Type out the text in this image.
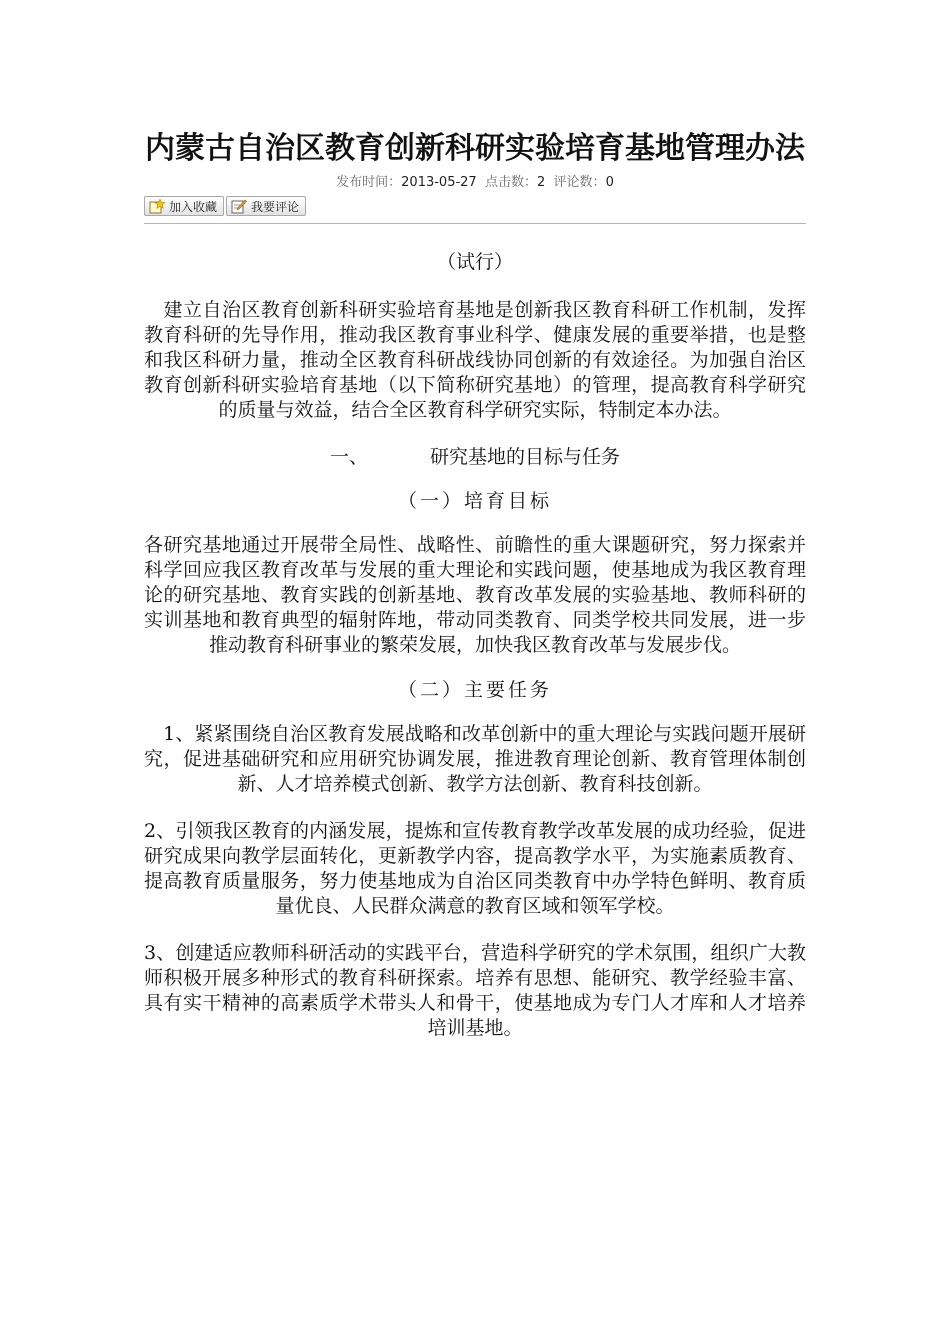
内蒙古自治区教育创新科研实验培育基地管理办法
发布时间：2013-05-27 点击数：2 评论数：0
加入收藏	我要评论
（试行）

　建立自治区教育创新科研实验培育基地是创新我区教育科研工作机制，发挥教育科研的先导作用，推动我区教育事业科学、健康发展的重要举措，也是整和我区科研力量，推动全区教育科研战线协同创新的有效途径。为加强自治区教育创新科研实验培育基地（以下简称研究基地）的管理，提高教育科学研究的质量与效益，结合全区教育科学研究实际，特制定本办法。

一、	研究基地的目标与任务
（一）培育目标

各研究基地通过开展带全局性、战略性、前瞻性的重大课题研究，努力探索并科学回应我区教育改革与发展的重大理论和实践问题，使基地成为我区教育理论的研究基地、教育实践的创新基地、教育改革发展的实验基地、教师科研的实训基地和教育典型的辐射阵地，带动同类教育、同类学校共同发展，进一步推动教育科研事业的繁荣发展，加快我区教育改革与发展步伐。

（二）主要任务

　1、紧紧围绕自治区教育发展战略和改革创新中的重大理论与实践问题开展研究，促进基础研究和应用研究协调发展，推进教育理论创新、教育管理体制创新、人才培养模式创新、教学方法创新、教育科技创新。

2、引领我区教育的内涵发展，提炼和宣传教育教学改革发展的成功经验，促进研究成果向教学层面转化，更新教学内容，提高教学水平，为实施素质教育、提高教育质量服务，努力使基地成为自治区同类教育中办学特色鲜明、教育质量优良、人民群众满意的教育区域和领军学校。

3、创建适应教师科研活动的实践平台，营造科学研究的学术氛围，组织广大教师积极开展多种形式的教育科研探索。培养有思想、能研究、教学经验丰富、具有实干精神的高素质学术带头人和骨干，使基地成为专门人才库和人才培养培训基地。
